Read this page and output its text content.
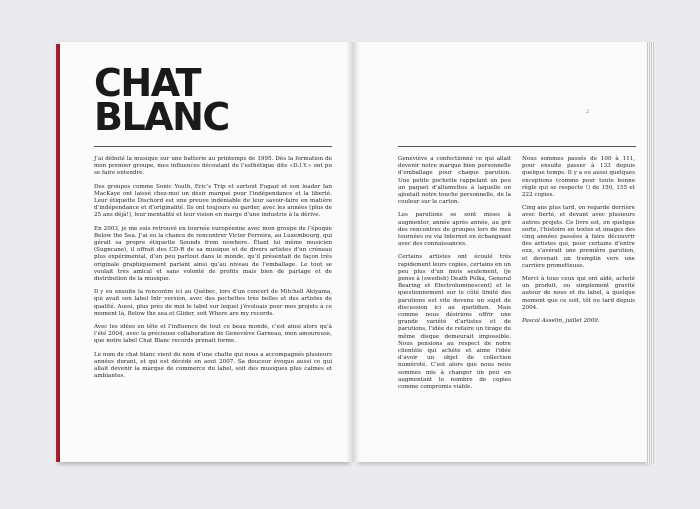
CHAT
BLANC

J’ai débuté la musique sur une batterie au printemps de 1995. Dès la formation de mon premier groupe, mes influences découlant de l’esthétique dite «D.I.Y.» ont pu se faire entendre.

Des groupes comme Sonic Youth, Eric’s Trip et surtout Fugazi et son leader Ian MacKaye ont laissé chez-moi un désir marqué pour l’indépendance et la liberté. Leur étiquette Dischord est une preuve indéniable de leur savoir-faire en matière d’indépendance et d’originalité. Ils ont toujours su garder, avec les années (plus de 25 ans déjà!), leur mentalité et leur vision en marge d’une industrie à la dérive.

En 2003, je me suis retrouvé en tournée européenne avec mon groupe de l’époque Below the Sea. J’ai eu la chance de rencontrer Victor Ferreira, au Luxembourg, qui gérait sa propre étiquette Sounds from nowhere. Étant lui même musicien (Sugncane), il offrait des CD-R de sa musique et de divers artistes d’un créneau plus expérimental, d’un peu partout dans le monde, qu’il présentait de façon très originale graphiquement parlant ainsi qu’au niveau de l’emballage. Le tout se voulait très amical et sans volonté de profits mais bien de partage et de distribution de la musique.

Il y eu ensuite la rencontre ici au Québec, lors d’un concert de Mitchell Akiyama, qui avait son label Intr_version, avec des pochettes très belles et des artistes de qualité. Aussi, plus près de moi le label sur lequel j’évoluais pour mes projets à ce moment là, Below the sea et Glider, soit Where are my records.

Avec les idées en tête et l’influence de tout ce beau monde, c’est ainsi alors qu’à l’été 2004, avec la précieuse collaboration de Geneviève Garneau, mon amoureuse, que notre label Chat Blanc records prenait forme.

Le nom de chat blanc vient du nom d’une chatte qui nous a accompagnés plusieurs années durant, et qui est décédé en aout 2007. Sa douceur évoque aussi ce qui allait devenir la marque de commerce du label, soit des musiques plus calmes et ambiantes.

2

Geneviève a confectionné ce qui allait devenir notre marque bien personnelle d’emballage pour chaque parution. Une petite pochette rappelant un peu un paquet d’allumettes à laquelle on ajoutait notre touche personnelle, de la couleur sur le carton.

Les parutions se sont mises à augmenter, année après année, au gré des rencontres de groupes lors de mes tournées ou via Internet en échangeant avec des connaissances.

Certains artistes ont écoulé très rapidement leurs copies, certains en un peu plus d’un mois seulement, (je pense à (swedish) Death Polka, General Bearing et Electroluminescent) et le questionnement sur le côté limité des parutions est vite devenu un sujet de discussion ici au quotidien. Mais comme nous désirions offrir une grande variété d’artistes et de parutions, l’idée de refaire un tirage du même disque demeurait impossible. Nous pensions au respect de notre clientèle qui achète et aime l’idée d’avoir un objet de collection numéroté. C’est alors que nous nous sommes mis à changer un peu en augmentant le nombre de copies comme compromis viable.

Nous sommes passés de 100 à 111, pour ensuite passer à 133 depuis quelque temps. Il y a eu aussi quelques exceptions (comme pour toute bonne règle qui se respecte !) de 150, 155 et 222 copies.

Cinq ans plus tard, on regarde derrière avec fierté, et devant avec plusieurs autres projets. Ce livre est, en quelque sorte, l’histoire en textes et images des cinq années passées à faire découvrir des artistes qui, pour certains d’entre eux, s’avérait une première parution, et devenait un tremplin vers une carrière prometteuse.

Merci à tous ceux qui ont aidé, acheté un produit, ou simplement gravité autour de nous et du label, à quelque moment que ce soit, tôt ou tard depuis 2004.

Pascal Asselin, juillet 2009.
